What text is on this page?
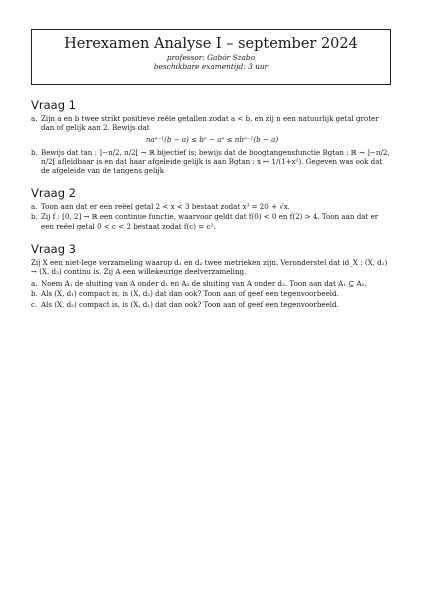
Herexamen Analyse I – september 2024
professor: Gabór Szabo
beschikbare examentijd: 3 uur
Vraag 1
a. Zijn a en b twee strikt positieve reële getallen zodat a < b, en zij n een natuurlijk getal groter dan of gelijk aan 2. Bewijs dat
naⁿ⁻¹(b − a) ≤ bⁿ − aⁿ ≤ nbⁿ⁻¹(b − a)
b. Bewijs dat tan : ]−π/2, π/2[ → ℝ bijectief is; bewijs dat de boogtangensfunctie Bgtan : ℝ → ]−π/2, π/2[ afleidbaar is en dat haar afgeleide gelijk is aan Bgtan : x ↦ 1/(1+x²). Gegeven was ook dat de afgeleide van de tangens gelijk
Vraag 2
a. Toon aan dat er een reëel getal 2 < x < 3 bestaat zodat x³ = 20 + √x.
b. Zij f : [0, 2] → ℝ een continue functie, waarvoor geldt dat f(0) < 0 en f(2) > 4. Toon aan dat er een reëel getal 0 < c < 2 bestaat zodat f(c) = c².
Vraag 3
Zij X een niet-lege verzameling waarop d₁ en d₂ twee metrieken zijn. Veronderstel dat id_X : (X, d₁) → (X, d₂) continu is. Zij A een willekeurige deelverzameling.
a. Noem A₁ de sluiting van A onder d₁ en A₂ de sluiting van A onder d₂. Toon aan dat A₁ ⊆ A₂.
b. Als (X, d₁) compact is, is (X, d₂) dat dan ook? Toon aan of geef een tegenvoorbeeld.
c. Als (X, d₂) compact is, is (X, d₁) dat dan ook? Toon aan of geef een tegenvoorbeeld.
